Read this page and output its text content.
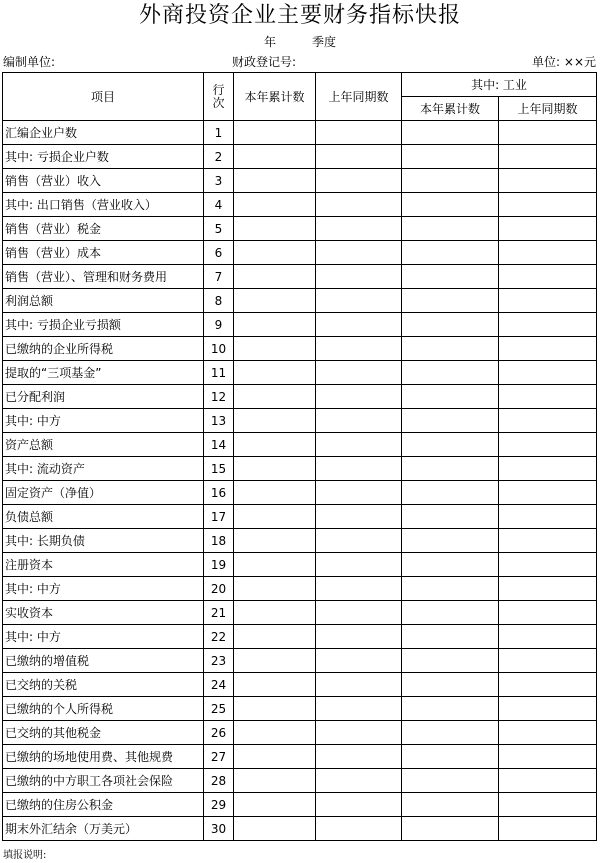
外商投资企业主要财务指标快报
年	季度
编制单位:	财政登记号:	单位: ××元
项目	行次	本年累计数	上年同期数	其中: 工业	
				本年累计数	上年同期数
汇编企业户数	1				
其中: 亏损企业户数	2				
销售（营业）收入	3				
其中: 出口销售（营业收入）	4				
销售（营业）税金	5				
销售（营业）成本	6				
销售（营业）、管理和财务费用	7				
利润总额	8				
其中: 亏损企业亏损额	9				
已缴纳的企业所得税	10				
提取的“三项基金”	11				
已分配利润	12				
其中: 中方	13				
资产总额	14				
其中: 流动资产	15				
固定资产（净值）	16				
负债总额	17				
其中: 长期负债	18				
注册资本	19				
其中: 中方	20				
实收资本	21				
其中: 中方	22				
已缴纳的增值税	23				
已交纳的关税	24				
已缴纳的个人所得税	25				
已交纳的其他税金	26				
已缴纳的场地使用费、其他规费	27				
已缴纳的中方职工各项社会保险	28				
已缴纳的住房公积金	29				
期末外汇结余（万美元）	30				
填报说明:
